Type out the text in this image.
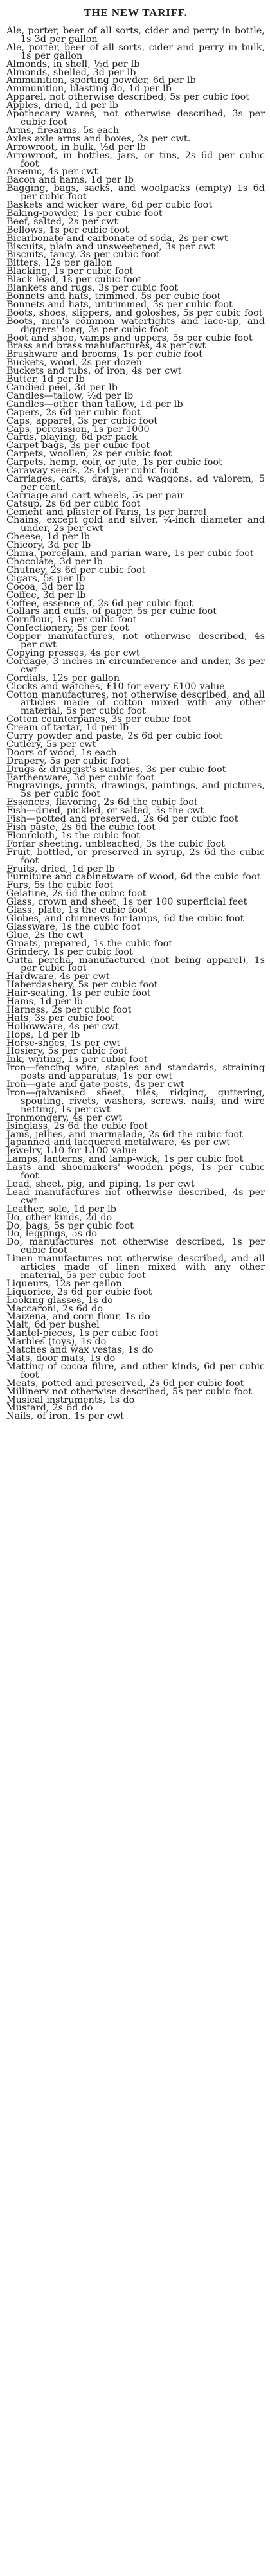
THE NEW TARIFF.
Ale, porter, beer of all sorts, cider and perry in bottle, 1s 3d per gallon
Ale, porter, beer of all sorts, cider and perry in bulk, 1s per gallon
Almonds, in shell, ½d per lb
Almonds, shelled, 3d per lb
Ammunition, sporting powder, 6d per lb
Ammunition, blasting do, 1d per lb
Apparel, not otherwise described, 5s per cubic foot
Apples, dried, 1d per lb
Apothecary wares, not otherwise described, 3s per cubic foot
Arms, firearms, 5s each
Axles axle arms and boxes, 2s per cwt.
Arrowroot, in bulk, ½d per lb
Arrowroot, in bottles, jars, or tins, 2s 6d per cubic foot
Arsenic, 4s per cwt
Bacon and hams, 1d per lb
Bagging, bags, sacks, and woolpacks (empty) 1s 6d per cubic foot
Baskets and wicker ware, 6d per cubic foot
Baking-powder, 1s per cubic foot
Beef, salted, 2s per cwt
Bellows, 1s per cubic foot
Bicarbonate and carbonate of soda, 2s per cwt
Biscuits, plain and unsweetened, 3s per cwt
Biscuits, fancy, 3s per cubic foot
Bitters, 12s per gallon
Blacking, 1s per cubic foot
Black lead, 1s per cubic foot
Blankets and rugs, 3s per cubic foot
Bonnets and hats, trimmed, 5s per cubic foot
Bonnets and hats, untrimmed, 3s per cubic foot
Boots, shoes, slippers, and goloshes, 5s per cubic foot
Boots, men's common watertights and lace-up, and diggers' long, 3s per cubic foot
Boot and shoe, vamps and uppers, 5s per cubic foot
Brass and brass manufactures, 4s per cwt
Brushware and brooms, 1s per cubic foot
Buckets, wood, 2s per dozen
Buckets and tubs, of iron, 4s per cwt
Butter, 1d per lb
Candied peel, 3d per lb
Candles—tallow, ½d per lb
Candles—other than tallow, 1d per lb
Capers, 2s 6d per cubic foot
Caps, apparel, 3s per cubic foot
Caps, percussion, 1s per 1000
Cards, playing, 6d per pack
Carpet bags, 3s per cubic foot
Carpets, woollen, 2s per cubic foot
Carpets, hemp, coir, or jute, 1s per cubic foot
Caraway seeds, 2s 6d per cubic foot
Carriages, carts, drays, and waggons, ad valorem, 5 per cent.
Carriage and cart wheels, 5s per pair
Catsup, 2s 6d per cubic foot
Cement and plaster of Paris, 1s per barrel
Chains, except gold and silver, ¼-inch diameter and under, 2s per cwt
Cheese, 1d per lb
Chicory, 3d per lb
China, porcelain, and parian ware, 1s per cubic foot
Chocolate, 3d per lb
Chutney, 2s 6d per cubic foot
Cigars, 5s per lb
Cocoa, 3d per lb
Coffee, 3d per lb
Coffee, essence of, 2s 6d per cubic foot
Collars and cuffs, of paper, 5s per cubic foot
Cornflour, 1s per cubic foot
Confectionery, 5s per foot
Copper manufactures, not otherwise described, 4s per cwt
Copying presses, 4s per cwt
Cordage, 3 inches in circumference and under, 3s per cwt
Cordials, 12s per gallon
Clocks and watches, £10 for every £100 value
Cotton manufactures, not otherwise described, and all articles made of cotton mixed with any other material, 5s per cubic foot
Cotton counterpanes, 3s per cubic foot
Cream of tartar, 1d per lb
Curry powder and paste, 2s 6d per cubic foot
Cutlery, 5s per cwt
Doors of wood, 1s each
Drapery, 5s per cubic foot
Drugs & druggist's sundries, 3s per cubic foot
Earthenware, 3d per cubic foot
Engravings, prints, drawings, paintings, and pictures, 5s per cubic foot
Essences, flavoring, 2s 6d the cubic foot
Fish—dried, pickled, or salted, 3s the cwt
Fish—potted and preserved, 2s 6d per cubic foot
Fish paste, 2s 6d the cubic foot
Floorcloth, 1s the cubic foot
Forfar sheeting, unbleached, 3s the cubic foot
Fruit, bottled, or preserved in syrup, 2s 6d the cubic foot
Fruits, dried, 1d per lb
Furniture and cabinetware of wood, 6d the cubic foot
Furs, 5s the cubic foot
Gelatine, 2s 6d the cubic foot
Glass, crown and sheet, 1s per 100 superficial feet
Glass, plate, 1s the cubic foot
Globes, and chimneys for lamps, 6d the cubic foot
Glassware, 1s the cubic foot
Glue, 2s the cwt
Groats, prepared, 1s the cubic foot
Grindery, 1s per cubic foot
Gutta percha, manufactured (not being apparel), 1s per cubic foot
Hardware, 4s per cwt
Haberdashery, 5s per cubic foot
Hair-seating, 1s per cubic foot
Hams, 1d per lb
Harness, 2s per cubic foot
Hats, 3s per cubic foot
Hollowware, 4s per cwt
Hops, 1d per lb
Horse-shoes, 1s per cwt
Hosiery, 5s per cubic foot
Ink, writing, 1s per cubic foot
Iron—fencing wire, staples and standards, straining posts and apparatus, 1s per cwt
Iron—gate and gate-posts, 4s per cwt
Iron—galvanised sheet, tiles, ridging, guttering, spouting, rivets, washers, screws, nails, and wire netting, 1s per cwt
Ironmongery, 4s per cwt
Isinglass, 2s 6d the cubic foot
Jams, jellies, and marmalade, 2s 6d the cubic foot
Japanned and lacquered metalware, 4s per cwt
Jewelry, L10 for L100 value
Lamps, lanterns, and lamp-wick, 1s per cubic foot
Lasts and shoemakers' wooden pegs, 1s per cubic foot
Lead, sheet, pig, and piping, 1s per cwt
Lead manufactures not otherwise described, 4s per cwt
Leather, sole, 1d per lb
Do, other kinds, 2d do
Do, bags, 5s per cubic foot
Do, leggings, 5s do
Do, manufactures not otherwise described, 1s per cubic foot
Linen manufactures not otherwise described, and all articles made of linen mixed with any other material, 5s per cubic foot
Liqueurs, 12s per gallon
Liquorice, 2s 6d per cubic foot
Looking-glasses, 1s do
Maccaroni, 2s 6d do
Maizena, and corn flour, 1s do
Malt, 6d per bushel
Mantel-pieces, 1s per cubic foot
Marbles (toys), 1s do
Matches and wax vestas, 1s do
Mats, door mats, 1s do
Matting of cocoa fibre, and other kinds, 6d per cubic foot
Meats, potted and preserved, 2s 6d per cubic foot
Millinery not otherwise described, 5s per cubic foot
Musical instruments, 1s do
Mustard, 2s 6d do
Nails, of iron, 1s per cwt
